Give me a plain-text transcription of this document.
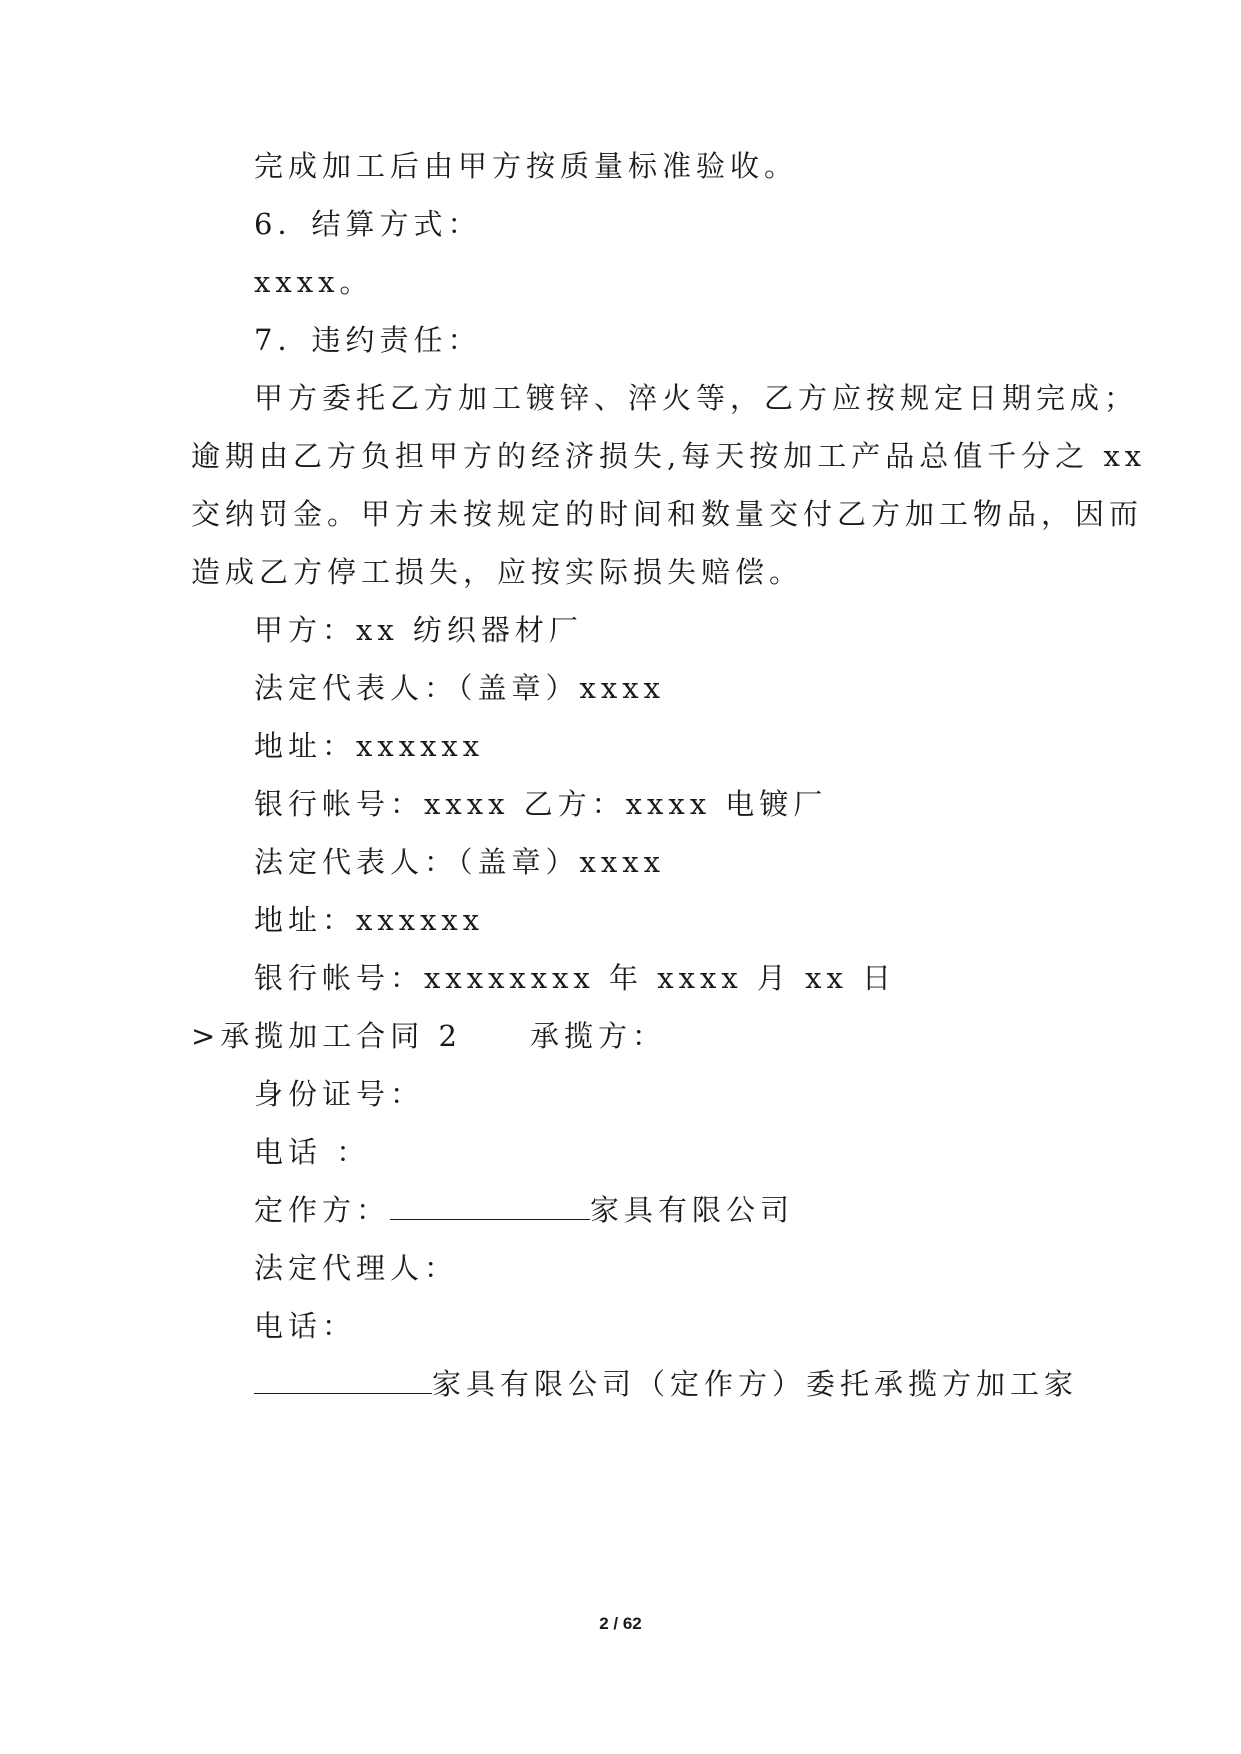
完成加工后由甲方按质量标准验收。
6．结算方式：
xxxx。
7．违约责任：
甲方委托乙方加工镀锌、淬火等，乙方应按规定日期完成；
逾期由乙方负担甲方的经济损失,每天按加工产品总值千分之 xx
交纳罚金。甲方未按规定的时间和数量交付乙方加工物品，因而
造成乙方停工损失，应按实际损失赔偿。
甲方：xx 纺织器材厂
法定代表人：（盖章）xxxx
地址：xxxxxx
银行帐号：xxxx 乙方：xxxx 电镀厂
法定代表人：（盖章）xxxx
地址：xxxxxx
银行帐号：xxxxxxxx 年 xxxx 月 xx 日
>承揽加工合同 2　　承揽方：
身份证号：
电话 ：
定作方：	家具有限公司
法定代理人：
电话：
家具有限公司（定作方）委托承揽方加工家
2 / 62
